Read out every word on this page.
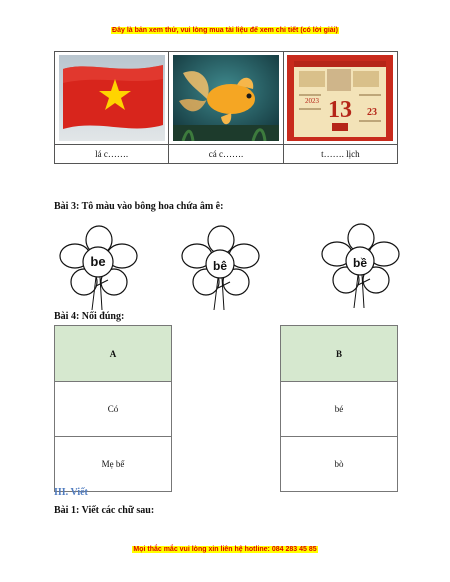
Đây là bản xem thử, vui lòng mua tài liệu để xem chi tiết (có lời giải)

2023 13 23

lá c…….	cá c…….	t……. lịch
Bài 3: Tô màu vào bông hoa chứa âm ê:
be	bê	bề
Bài 4: Nối đúng:
A
Có
Mẹ bế
B
bé
bò
III. Viết
Bài 1: Viết các chữ sau:
Mọi thắc mắc vui lòng xin liên hệ hotline: 084 283 45 85
